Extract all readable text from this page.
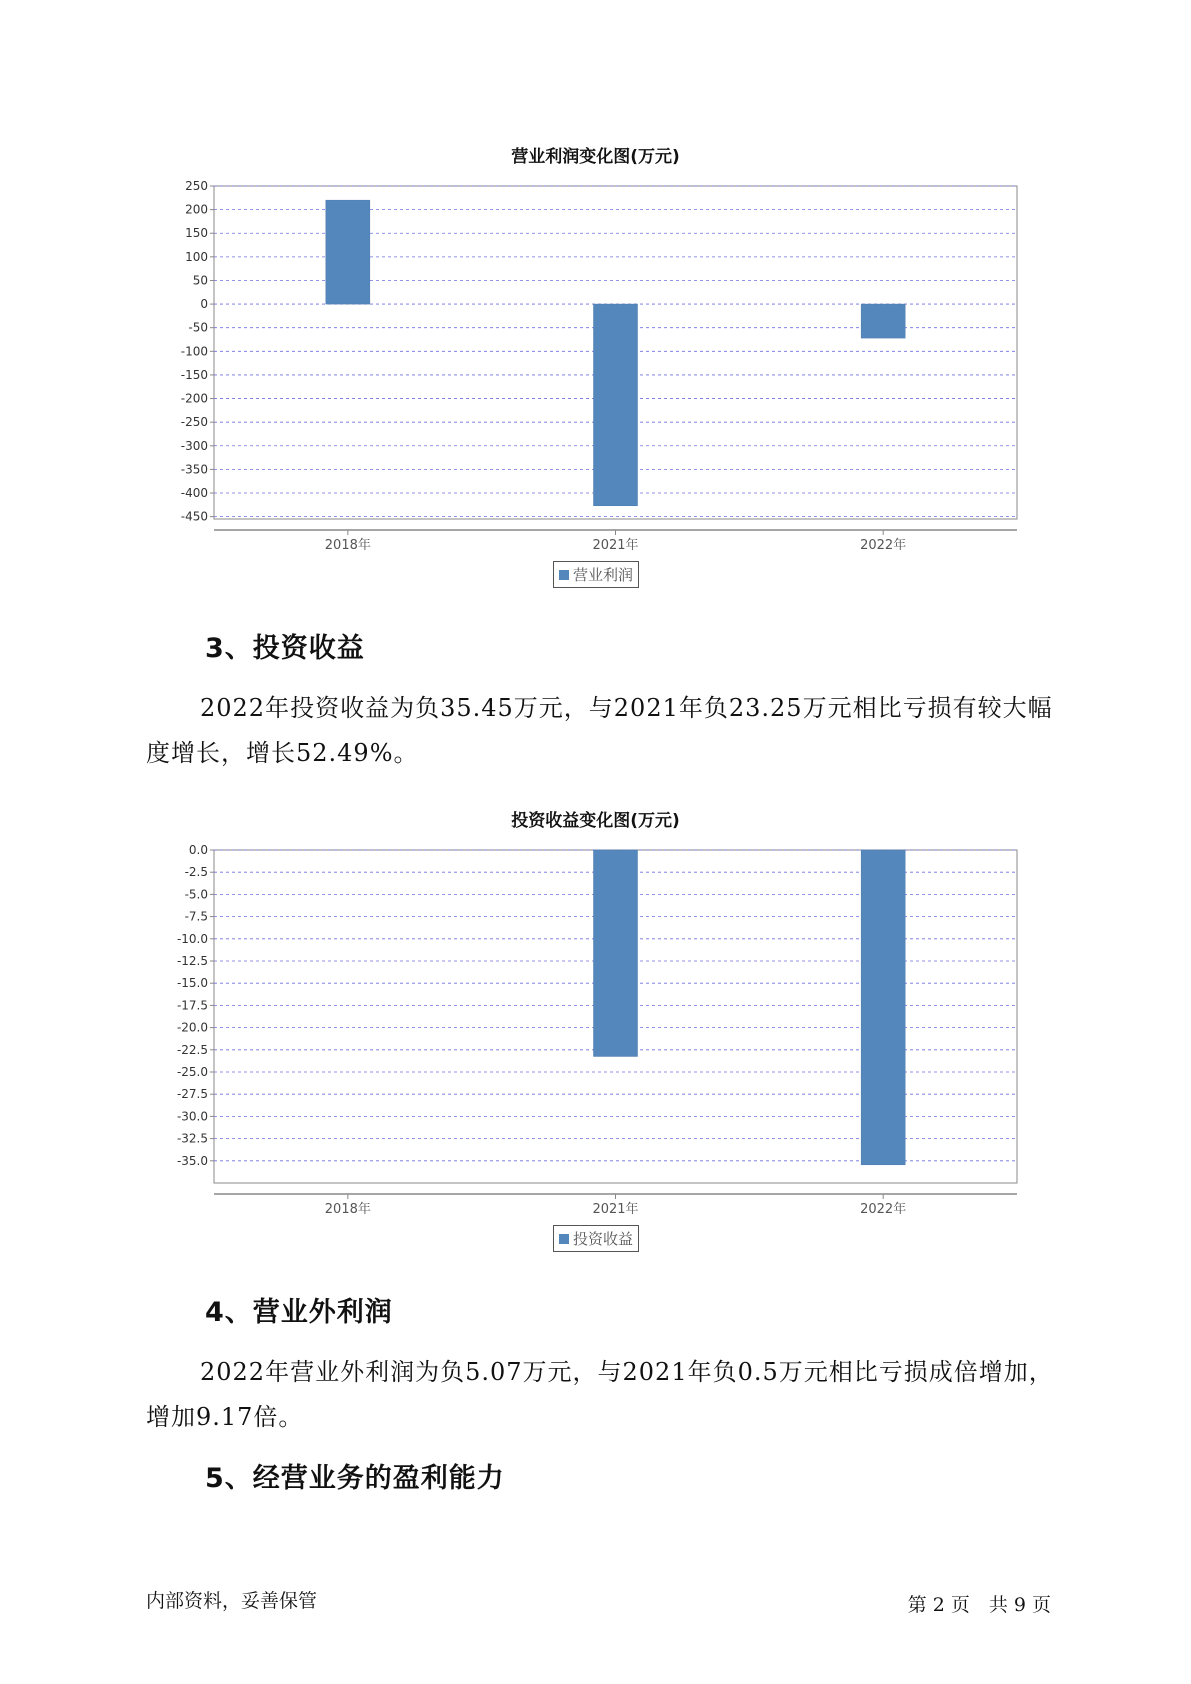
营业利润变化图(万元)
250
200
150
100
50
0
-50
-100
-150
-200
-250
-300
-350
-400
-450
2018年	2021年	2022年
营业利润
3、投资收益

2022年投资收益为负35.45万元，与2021年负23.25万元相比亏损有较大幅度增长，增长52.49%。

投资收益变化图(万元)
0.0
-2.5
-5.0
-7.5
-10.0
-12.5
-15.0
-17.5
-20.0
-22.5
-25.0
-27.5
-30.0
-32.5
-35.0
2018年	2021年	2022年
投资收益
4、营业外利润

2022年营业外利润为负5.07万元，与2021年负0.5万元相比亏损成倍增加，增加9.17倍。

5、经营业务的盈利能力
内部资料，妥善保管	第 2 页　共 9 页
